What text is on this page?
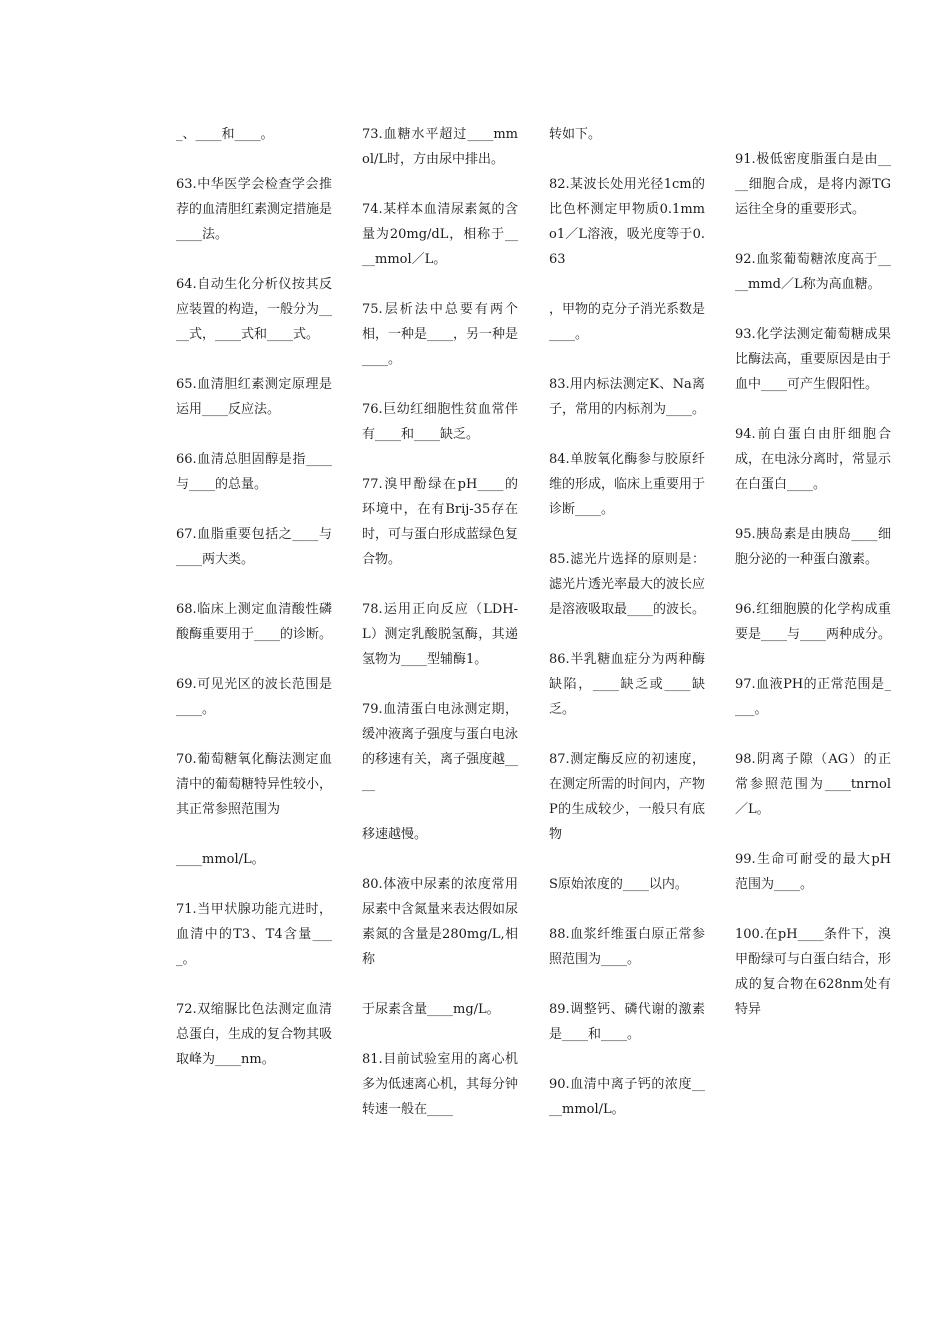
_、____和____。

63.中华医学会检查学会推荐的血清胆红素测定措施是____法。

64.自动生化分析仪按其反应装置的构造，一般分为____式，____式和____式。

65.血清胆红素测定原理是运用____反应法。

66.血清总胆固醇是指____与____的总量。

67.血脂重要包括之____与____两大类。

68.临床上测定血清酸性磷酸酶重要用于____的诊断。

69.可见光区的波长范围是____。

70.葡萄糖氧化酶法测定血清中的葡萄糖特异性较小，其正常参照范围为

____mmol/L。

71.当甲状腺功能亢进时，血清中的T3、T4含量____。

72.双缩脲比色法测定血清总蛋白，生成的复合物其吸取峰为____nm。

73.血糖水平超过____mmol/L时，方由尿中排出。

74.某样本血清尿素氮的含量为20mg/dL，相称于____mmol／L。

75.层析法中总要有两个相，一种是____，另一种是____。

76.巨幼红细胞性贫血常伴有____和____缺乏。

77.溴甲酚绿在pH____的环境中，在有Brij-35存在时，可与蛋白形成蓝绿色复合物。

78.运用正向反应（LDH-L）测定乳酸脱氢酶，其递氢物为____型辅酶1。

79.血清蛋白电泳测定期，缓冲液离子强度与蛋白电泳的移速有关，离子强度越____

移速越慢。

80.体液中尿素的浓度常用尿素中含氮量来表达假如尿素氮的含量是280mg/L,相称

于尿素含量____mg/L。

81.目前试验室用的离心机多为低速离心机，其每分钟转速一般在____

转如下。

82.某波长处用光径1cm的比色杯测定甲物质0.1mmo1／L溶液，吸光度等于0.63

，甲物的克分子消光系数是____。

83.用内标法测定K、Na离子，常用的内标剂为____。

84.单胺氧化酶参与胶原纤维的形成，临床上重要用于诊断____。

85.滤光片选择的原则是：滤光片透光率最大的波长应是溶液吸取最____的波长。

86.半乳糖血症分为两种酶缺陷，____缺乏或____缺乏。

87.测定酶反应的初速度，在测定所需的时间内，产物P的生成较少，一般只有底物

S原始浓度的____以内。

88.血浆纤维蛋白原正常参照范围为____。

89.调整钙、磷代谢的激素是____和____。

90.血清中离子钙的浓度____mmol/L。

91.极低密度脂蛋白是由____细胞合成，是将内源TG运往全身的重要形式。

92.血浆葡萄糖浓度高于____mmd／L称为高血糖。

93.化学法测定葡萄糖成果比酶法高，重要原因是由于血中____可产生假阳性。

94.前白蛋白由肝细胞合成，在电泳分离时，常显示在白蛋白____。

95.胰岛素是由胰岛____细胞分泌的一种蛋白激素。

96.红细胞膜的化学构成重要是____与____两种成分。

97.血液PH的正常范围是____。

98.阴离子隙（AG）的正常参照范围为____tnrnol／L。

99.生命可耐受的最大pH范围为____。

100.在pH____条件下，溴甲酚绿可与白蛋白结合，形成的复合物在628nm处有特异
